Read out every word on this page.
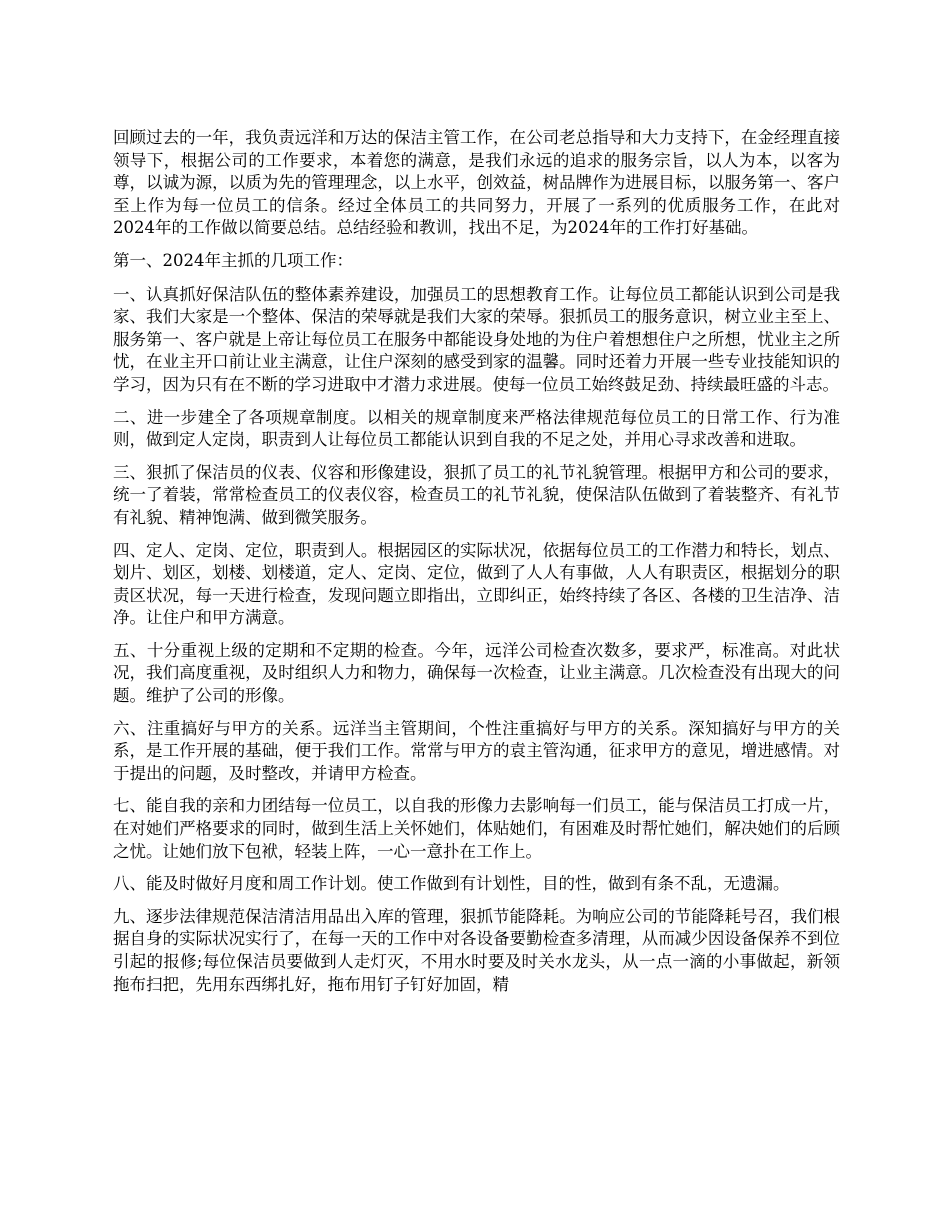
回顾过去的一年，我负责远洋和万达的保洁主管工作，在公司老总指导和大力支持下，在金经理直接领导下，根据公司的工作要求，本着您的满意，是我们永远的追求的服务宗旨，以人为本，以客为尊，以诚为源，以质为先的管理理念，以上水平，创效益，树品牌作为进展目标，以服务第一、客户至上作为每一位员工的信条。经过全体员工的共同努力，开展了一系列的优质服务工作，在此对2024年的工作做以简要总结。总结经验和教训，找出不足，为2024年的工作打好基础。

第一、2024年主抓的几项工作：

一、认真抓好保洁队伍的整体素养建设，加强员工的思想教育工作。让每位员工都能认识到公司是我家、我们大家是一个整体、保洁的荣辱就是我们大家的荣辱。狠抓员工的服务意识，树立业主至上、服务第一、客户就是上帝让每位员工在服务中都能设身处地的为住户着想想住户之所想，忧业主之所忧，在业主开口前让业主满意，让住户深刻的感受到家的温馨。同时还着力开展一些专业技能知识的学习，因为只有在不断的学习进取中才潜力求进展。使每一位员工始终鼓足劲、持续最旺盛的斗志。

二、进一步建全了各项规章制度。以相关的规章制度来严格法律规范每位员工的日常工作、行为准则，做到定人定岗，职责到人让每位员工都能认识到自我的不足之处，并用心寻求改善和进取。

三、狠抓了保洁员的仪表、仪容和形像建设，狠抓了员工的礼节礼貌管理。根据甲方和公司的要求，统一了着装，常常检查员工的仪表仪容，检查员工的礼节礼貌，使保洁队伍做到了着装整齐、有礼节有礼貌、精神饱满、做到微笑服务。

四、定人、定岗、定位，职责到人。根据园区的实际状况，依据每位员工的工作潜力和特长，划点、划片、划区，划楼、划楼道，定人、定岗、定位，做到了人人有事做，人人有职责区，根据划分的职责区状况，每一天进行检查，发现问题立即指出，立即纠正，始终持续了各区、各楼的卫生洁净、洁净。让住户和甲方满意。

五、十分重视上级的定期和不定期的检查。今年，远洋公司检查次数多，要求严，标准高。对此状况，我们高度重视，及时组织人力和物力，确保每一次检查，让业主满意。几次检查没有出现大的问题。维护了公司的形像。

六、注重搞好与甲方的关系。远洋当主管期间，个性注重搞好与甲方的关系。深知搞好与甲方的关系，是工作开展的基础，便于我们工作。常常与甲方的袁主管沟通，征求甲方的意见，增进感情。对于提出的问题，及时整改，并请甲方检查。

七、能自我的亲和力团结每一位员工，以自我的形像力去影响每一们员工，能与保洁员工打成一片，在对她们严格要求的同时，做到生活上关怀她们，体贴她们，有困难及时帮忙她们，解决她们的后顾之忧。让她们放下包袱，轻装上阵，一心一意扑在工作上。

八、能及时做好月度和周工作计划。使工作做到有计划性，目的性，做到有条不乱，无遗漏。

九、逐步法律规范保洁清洁用品出入库的管理，狠抓节能降耗。为响应公司的节能降耗号召，我们根据自身的实际状况实行了，在每一天的工作中对各设备要勤检查多清理，从而减少因设备保养不到位引起的报修;每位保洁员要做到人走灯灭，不用水时要及时关水龙头，从一点一滴的小事做起，新领拖布扫把，先用东西绑扎好，拖布用钉子钉好加固，精
